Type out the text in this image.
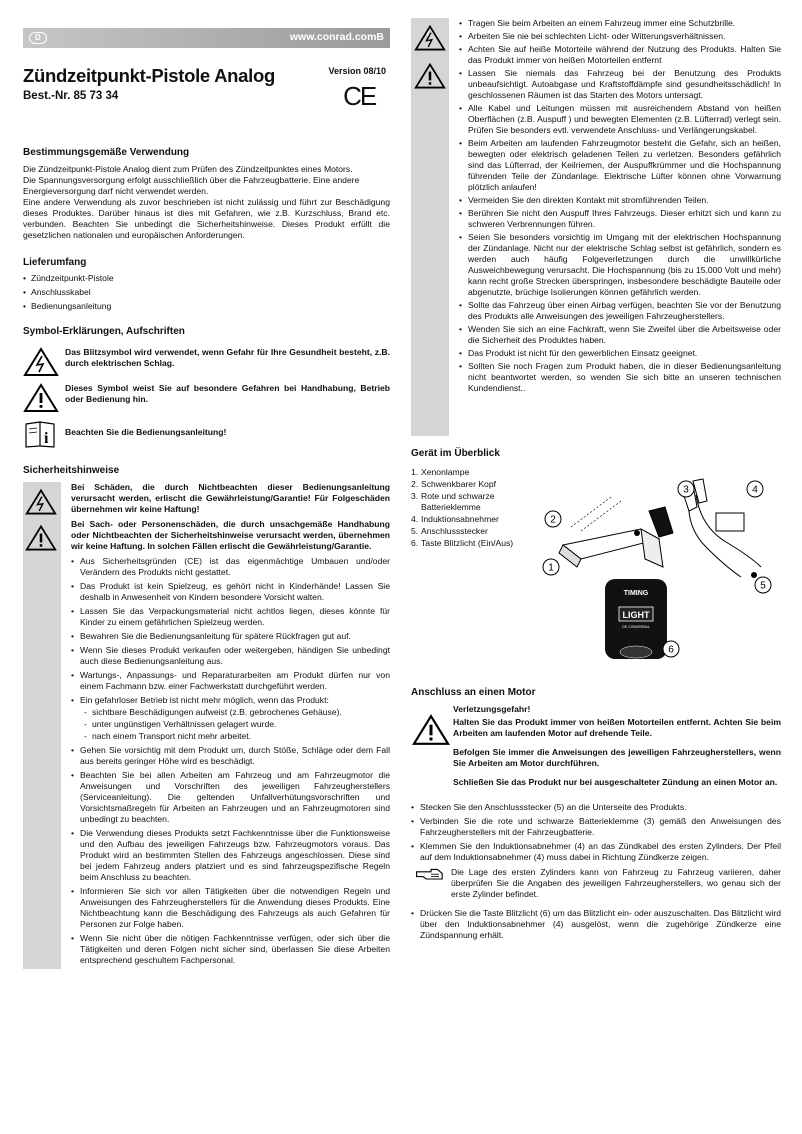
D	www.conrad.comB
Zündzeitpunkt-Pistole Analog
Best.-Nr. 85 73 34
Version 08/10
CE
Bestimmungsgemäße Verwendung

Die Zündzeitpunkt-Pistole Analog dient zum Prüfen des Zündzeitpunktes eines Motors.

Die Spannungsversorgung erfolgt ausschließlich über die Fahrzeugbatterie. Eine andere Energieversorgung darf nicht verwendet werden.

Eine andere Verwendung als zuvor beschrieben ist nicht zulässig und führt zur Beschädigung dieses Produktes. Darüber hinaus ist dies mit Gefahren, wie z.B. Kurzschluss, Brand etc. verbunden. Beachten Sie unbedingt die Sicherheitshinweise. Dieses Produkt erfüllt die gesetzlichen nationalen und europäischen Anforderungen.

Lieferumfang
• Zündzeitpunkt-Pistole
• Anschlusskabel
• Bedienungsanleitung
Symbol-Erklärungen, Aufschriften
Das Blitzsymbol wird verwendet, wenn Gefahr für Ihre Gesundheit besteht, z.B. durch elektrischen Schlag.
Dieses Symbol weist Sie auf besondere Gefahren bei Handhabung, Betrieb oder Bedienung hin.
i	Beachten Sie die Bedienungsanleitung!
Sicherheitshinweise

Bei Schäden, die durch Nichtbeachten dieser Bedienungsanleitung verursacht werden, erlischt die Gewährleistung/Garantie! Für Folgeschäden übernehmen wir keine Haftung!

Bei Sach- oder Personenschäden, die durch unsachgemäße Handhabung oder Nichtbeachten der Sicherheitshinweise verursacht werden, übernehmen wir keine Haftung. In solchen Fällen erlischt die Gewährleistung/Garantie.

• Aus Sicherheitsgründen (CE) ist das eigenmächtige Umbauen und/oder Verändern des Produkts nicht gestattet.
• Das Produkt ist kein Spielzeug, es gehört nicht in Kinderhände! Lassen Sie deshalb in Anwesenheit von Kindern besondere Vorsicht walten.
• Lassen Sie das Verpackungsmaterial nicht achtlos liegen, dieses könnte für Kinder zu einem gefährlichen Spielzeug werden.
• Bewahren Sie die Bedienungsanleitung für spätere Rückfragen gut auf.
• Wenn Sie dieses Produkt verkaufen oder weitergeben, händigen Sie unbedingt auch diese Bedienungsanleitung aus.
• Wartungs-, Anpassungs- und Reparaturarbeiten am Produkt dürfen nur von einem Fachmann bzw. einer Fachwerkstatt durchgeführt werden.
• Ein gefahrloser Betrieb ist nicht mehr möglich, wenn das Produkt:
- sichtbare Beschädigungen aufweist (z.B. gebrochenes Gehäuse).
- unter ungünstigen Verhältnissen gelagert wurde.
- nach einem Transport nicht mehr arbeitet.
• Gehen Sie vorsichtig mit dem Produkt um, durch Stöße, Schläge oder dem Fall aus bereits geringer Höhe wird es beschädigt.
• Beachten Sie bei allen Arbeiten am Fahrzeug und am Fahrzeugmotor die Anweisungen und Vorschriften des jeweiligen Fahrzeugherstellers (Serviceanleitung). Die geltenden Unfallverhütungsvorschriften und Vorsichtsmaßregeln für Arbeiten an Fahrzeugen und an Fahrzeugmotoren sind unbedingt zu beachten.
• Die Verwendung dieses Produkts setzt Fachkenntnisse über die Funktionsweise und den Aufbau des jeweiligen Fahrzeugs bzw. Fahrzeugmotors voraus. Das Produkt wird an bestimmten Stellen des Fahrzeugs angeschlossen. Diese sind bei jedem Fahrzeug anders platziert und es sind fahrzeugspezifische Regeln beim Anschluss zu beachten.
• Informieren Sie sich vor allen Tätigkeiten über die notwendigen Regeln und Anweisungen des Fahrzeugherstellers für die Anwendung dieses Produkts. Eine Nichtbeachtung kann die Beschädigung des Fahrzeugs als auch Gefahren für Personen zur Folge haben.
• Wenn Sie nicht über die nötigen Fachkenntnisse verfügen, oder sich über die Tätigkeiten und deren Folgen nicht sicher sind, überlassen Sie diese Arbeiten entsprechend geschultem Fachpersonal.
I
• Tragen Sie beim Arbeiten an einem Fahrzeug immer eine Schutzbrille.
• Arbeiten Sie nie bei schlechten Licht- oder Witterungsverhältnissen.
• Achten Sie auf heiße Motorteile während der Nutzung des Produkts. Halten Sie das Produkt immer von heißen Motorteilen entfernt
• Lassen Sie niemals das Fahrzeug bei der Benutzung des Produkts unbeaufsichtigt. Autoabgase und Kraftstoffdämpfe sind gesundheitsschädlich! In geschlossenen Räumen ist das Starten des Motors untersagt.
• Alle Kabel und Leitungen müssen mit ausreichendem Abstand von heißen Oberflächen (z.B. Auspuff ) und bewegten Elementen (z.B. Lüfterrad) verlegt sein. Prüfen Sie besonders evtl. verwendete Anschluss- und Verlängerungskabel.
• Beim Arbeiten am laufenden Fahrzeugmotor besteht die Gefahr, sich an heißen, bewegten oder elektrisch geladenen Teilen zu verletzen. Besonders gefährlich sind das Lüfterrad, der Keilriemen, der Auspuffkrümmer und die Hochspannung führenden Teile der Zündanlage. Elektrische Lüfter können ohne Vorwarnung plötzlich anlaufen!
• Vermeiden Sie den direkten Kontakt mit stromführenden Teilen.
• Berühren Sie nicht den Auspuff Ihres Fahrzeugs. Dieser erhitzt sich und kann zu schweren Verbrennungen führen.
• Seien Sie besonders vorsichtig im Umgang mit der elektrischen Hochspannung der Zündanlage. Nicht nur der elektrische Schlag selbst ist gefährlich, sondern es werden auch häufig Folgeverletzungen durch die unwillkürliche Ausweichbewegung verursacht. Die Hochspannung (bis zu 15.000 Volt und mehr) kann recht große Strecken überspringen, insbesondere beschädigte Bauteile oder abgenutzte, brüchige Isolierungen können gefährlich werden.
• Sollte das Fahrzeug über einen Airbag verfügen, beachten Sie vor der Benutzung des Produkts alle Anweisungen des jeweiligen Fahrzeugherstellers.
• Wenden Sie sich an eine Fachkraft, wenn Sie Zweifel über die Arbeitsweise oder die Sicherheit des Produktes haben.
• Das Produkt ist nicht für den gewerblichen Einsatz geeignet.
• Sollten Sie noch Fragen zum Produkt haben, die in dieser Bedienungsanleitung nicht beantwortet werden, so wenden Sie sich bitte an unseren technischen Kundendienst..
Gerät im Überblick
1. Xenonlampe
2. Schwenkbarer Kopf
3. Rote und schwarze Batterieklemme
4. Induktionsabnehmer
5. Anschlussstecker
6. Taste Blitzlicht (Ein/Aus)
TIMING
LIGHT
DE CONVERSAL
1
2
3	4
5
6
Anschluss an einen Motor

Verletzungsgefahr!

Halten Sie das Produkt immer von heißen Motorteilen entfernt. Achten Sie beim Arbeiten am laufenden Motor auf drehende Teile.

Befolgen Sie immer die Anweisungen des jeweiligen Fahrzeugherstellers, wenn Sie Arbeiten am Motor durchführen.

Schließen Sie das Produkt nur bei ausgeschalteter Zündung an einen Motor an.

• Stecken Sie den Anschlussstecker (5) an die Unterseite des Produkts.
• Verbinden Sie die rote und schwarze Batterieklemme (3) gemäß den Anweisungen des Fahrzeugherstellers mit der Fahrzeugbatterie.
• Klemmen Sie den Induktionsabnehmer (4) an das Zündkabel des ersten Zylinders. Der Pfeil auf dem Induktionsabnehmer (4) muss dabei in Richtung Zündkerze zeigen.
Die Lage des ersten Zylinders kann von Fahrzeug zu Fahrzeug variieren, daher überprüfen Sie die Angaben des jeweiligen Fahrzeugherstellers, wo genau sich der erste Zylinder befindet.
• Drücken Sie die Taste Blitzlicht (6) um das Blitzlicht ein- oder auszuschalten. Das Blitzlicht wird über den Induktionsabnehmer (4) ausgelöst, wenn die zugehörige Zündkerze eine Zündspannung erhält.
